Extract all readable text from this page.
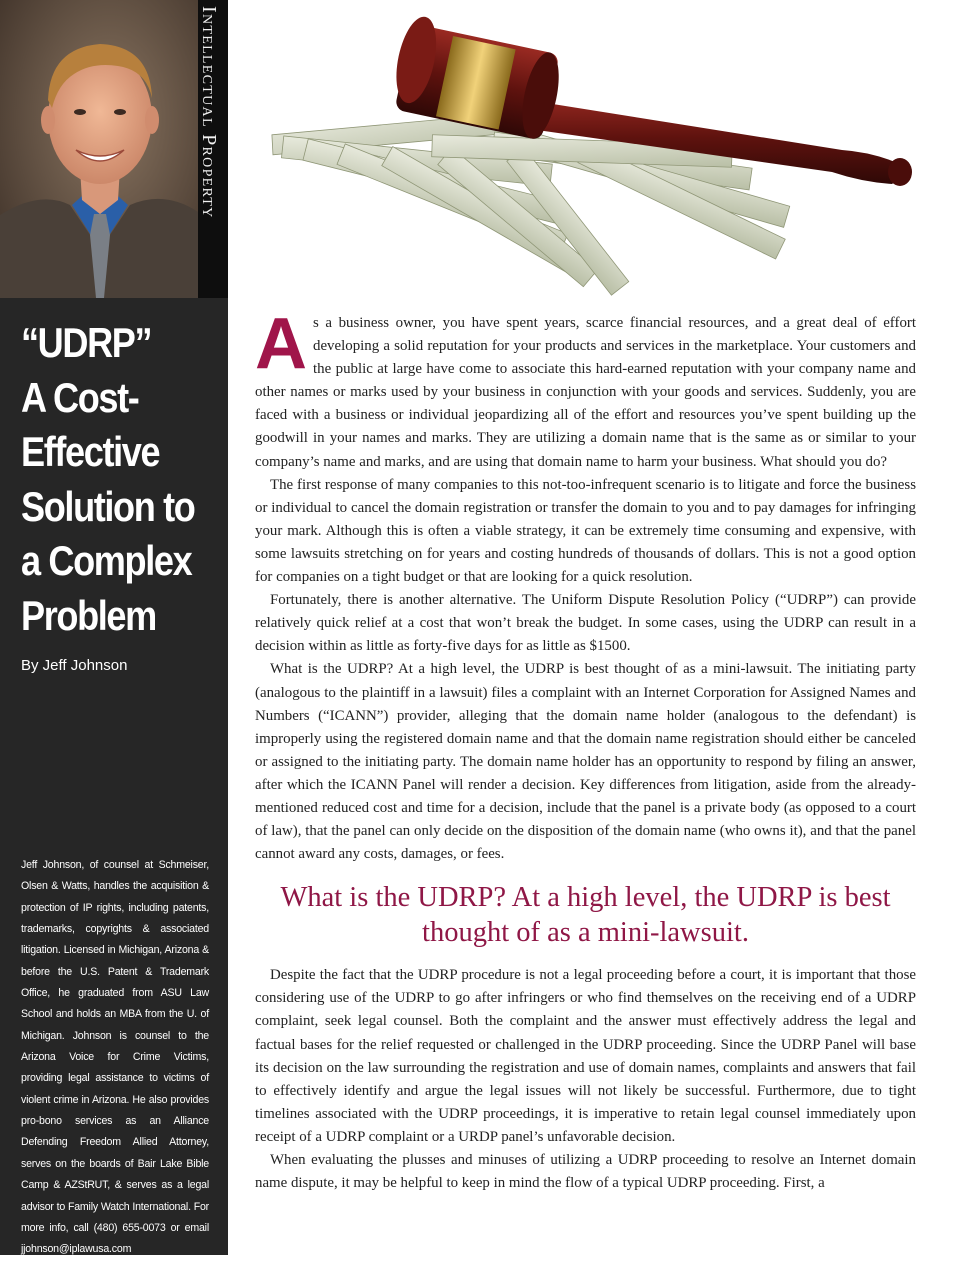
Intellectual Property
“UDRP”
A Cost-
Effective
Solution to
a Complex
Problem
By Jeff Johnson
Jeff Johnson, of counsel at Schmeiser, Olsen & Watts, handles the acquisition & protection of IP rights, including patents, trademarks, copyrights & associated litigation. Licensed in Michigan, Arizona & before the U.S. Patent & Trademark Office, he graduated from ASU Law School and holds an MBA from the U. of Michigan. Johnson is counsel to the Arizona Voice for Crime Victims, providing legal assistance to victims of violent crime in Arizona. He also provides pro-bono services as an Alliance Defending Freedom Allied Attorney, serves on the boards of Bair Lake Bible Camp & AZStRUT, & serves as a legal advisor to Family Watch International. For more info, call (480) 655-0073 or email jjohnson@iplawusa.com

As a business owner, you have spent years, scarce financial resources, and a great deal of effort developing a solid reputation for your products and services in the marketplace. Your customers and the public at large have come to associate this hard-earned reputation with your company name and other names or marks used by your business in conjunction with your goods and services. Suddenly, you are faced with a business or individual jeopardizing all of the effort and resources you’ve spent building up the goodwill in your names and marks. They are utilizing a domain name that is the same as or similar to your company’s name and marks, and are using that domain name to harm your business. What should you do?

The first response of many companies to this not-too-infrequent scenario is to litigate and force the business or individual to cancel the domain registration or transfer the domain to you and to pay damages for infringing your mark. Although this is often a viable strategy, it can be extremely time consuming and expensive, with some lawsuits stretching on for years and costing hundreds of thousands of dollars. This is not a good option for companies on a tight budget or that are looking for a quick resolution.

Fortunately, there is another alternative. The Uniform Dispute Resolution Policy (“UDRP”) can provide relatively quick relief at a cost that won’t break the budget. In some cases, using the UDRP can result in a decision within as little as forty-five days for as little as $1500.

What is the UDRP? At a high level, the UDRP is best thought of as a mini-lawsuit. The initiating party (analogous to the plaintiff in a lawsuit) files a complaint with an Internet Corporation for Assigned Names and Numbers (“ICANN”) provider, alleging that the domain name holder (analogous to the defendant) is improperly using the registered domain name and that the domain name registration should either be canceled or assigned to the initiating party. The domain name holder has an opportunity to respond by filing an answer, after which the ICANN Panel will render a decision. Key differences from litigation, aside from the already-mentioned reduced cost and time for a decision, include that the panel is a private body (as opposed to a court of law), that the panel can only decide on the disposition of the domain name (who owns it), and that the panel cannot award any costs, damages, or fees.

What is the UDRP? At a high level, the UDRP is best thought of as a mini-lawsuit.

Despite the fact that the UDRP procedure is not a legal proceeding before a court, it is important that those considering use of the UDRP to go after infringers or who find themselves on the receiving end of a UDRP complaint, seek legal counsel. Both the complaint and the answer must effectively address the legal and factual bases for the relief requested or challenged in the UDRP proceeding. Since the UDRP Panel will base its decision on the law surrounding the registration and use of domain names, complaints and answers that fail to effectively identify and argue the legal issues will not likely be successful. Furthermore, due to tight timelines associated with the UDRP proceedings, it is imperative to retain legal counsel immediately upon receipt of a UDRP complaint or a URDP panel’s unfavorable decision.

When evaluating the plusses and minuses of utilizing a UDRP proceeding to resolve an Internet domain name dispute, it may be helpful to keep in mind the flow of a typical UDRP proceeding. First, a
